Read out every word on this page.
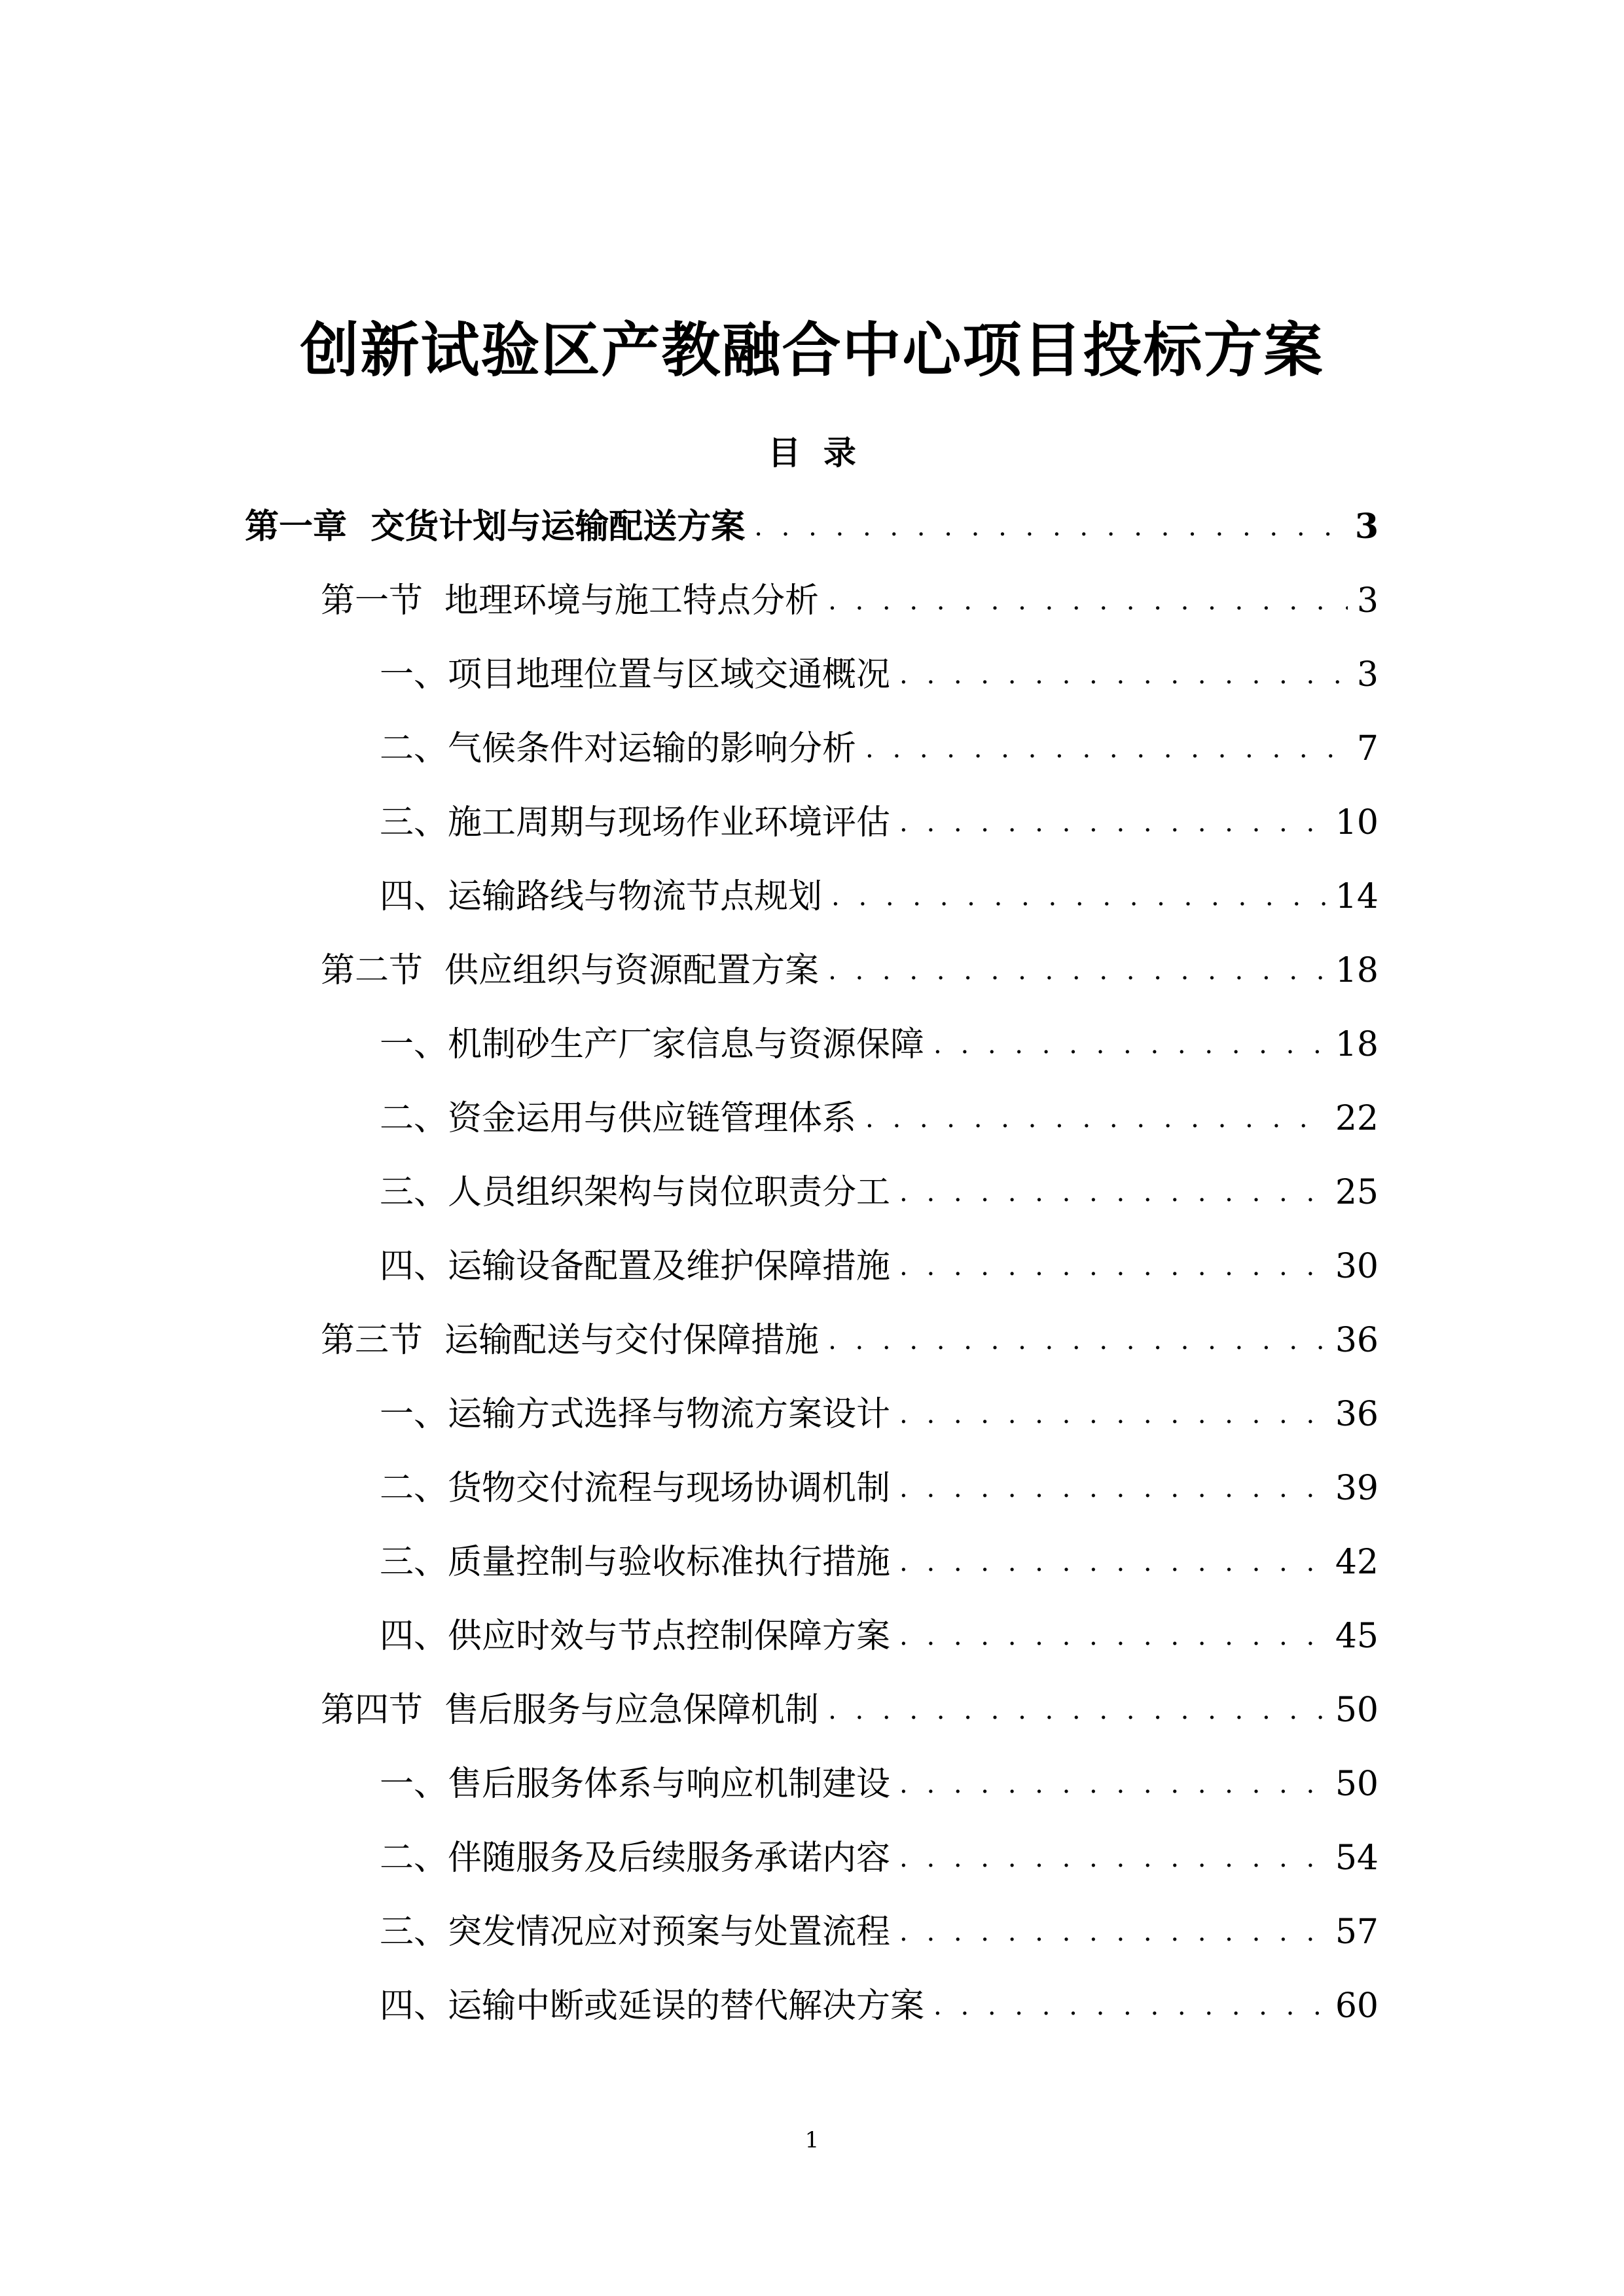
创新试验区产教融合中心项目投标方案
目  录
第一章  交货计划与运输配送方案 . . .	3
第一节  地理环境与施工特点分析 . . .	3
一、项目地理位置与区域交通概况 . . .	3
二、气候条件对运输的影响分析 . . .	7
三、施工周期与现场作业环境评估 . . .	10
四、运输路线与物流节点规划 . . .	14
第二节  供应组织与资源配置方案 . . .	18
一、机制砂生产厂家信息与资源保障 . . .	18
二、资金运用与供应链管理体系 . . .	22
三、人员组织架构与岗位职责分工 . . .	25
四、运输设备配置及维护保障措施 . . .	30
第三节  运输配送与交付保障措施 . . .	36
一、运输方式选择与物流方案设计 . . .	36
二、货物交付流程与现场协调机制 . . .	39
三、质量控制与验收标准执行措施 . . .	42
四、供应时效与节点控制保障方案 . . .	45
第四节  售后服务与应急保障机制 . . .	50
一、售后服务体系与响应机制建设 . . .	50
二、伴随服务及后续服务承诺内容 . . .	54
三、突发情况应对预案与处置流程 . . .	57
四、运输中断或延误的替代解决方案 . . .	60
1
